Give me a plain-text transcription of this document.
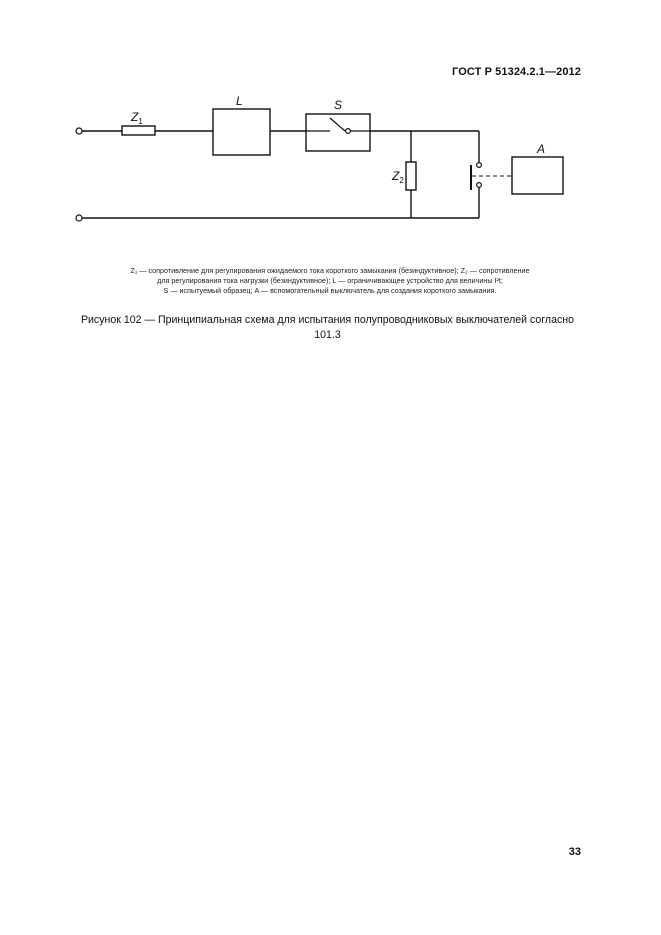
ГОСТ Р 51324.2.1—2012
$Z_1$
L	S
$Z_2$
A
Z₁ — сопротивление для регулирования ожидаемого тока короткого замыкания (безиндуктивное); Z₂ — сопротивление
для регулирования тока нагрузки (безиндуктивное); L — ограничивающее устройство для величины I²t;
S — испытуемый образец; A — вспомогательный выключатель для создания короткого замыкания.
Рисунок 102 — Принципиальная схема для испытания полупроводниковых выключателей согласно
101.3
33
